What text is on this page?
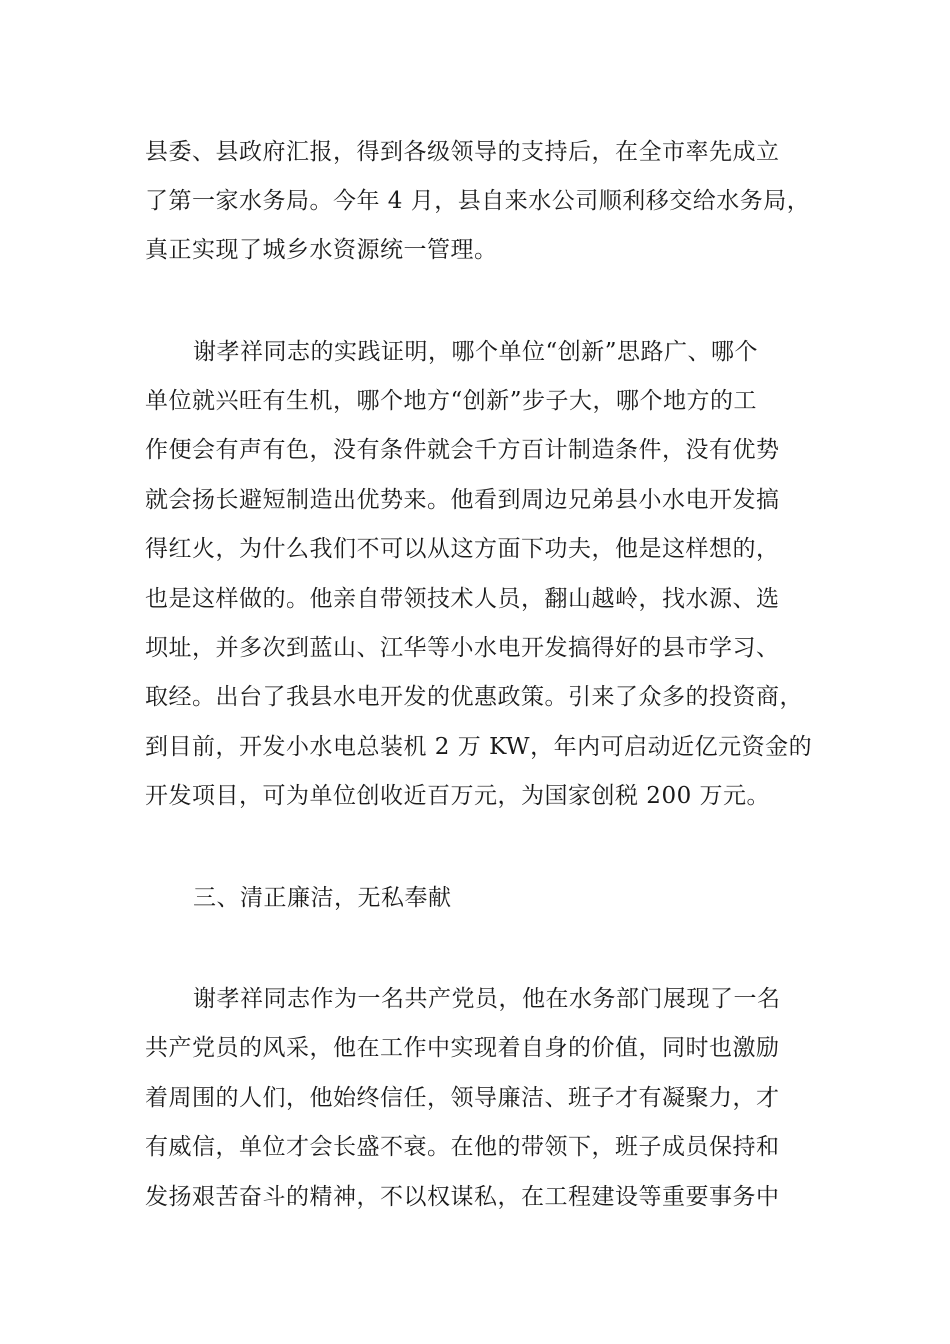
县委、县政府汇报，得到各级领导的支持后，在全市率先成立
了第一家水务局。今年 4 月，县自来水公司顺利移交给水务局，
真正实现了城乡水资源统一管理。
谢孝祥同志的实践证明，哪个单位“创新”思路广、哪个
单位就兴旺有生机，哪个地方“创新”步子大，哪个地方的工
作便会有声有色，没有条件就会千方百计制造条件，没有优势
就会扬长避短制造出优势来。他看到周边兄弟县小水电开发搞
得红火，为什么我们不可以从这方面下功夫，他是这样想的，
也是这样做的。他亲自带领技术人员，翻山越岭，找水源、选
坝址，并多次到蓝山、江华等小水电开发搞得好的县市学习、
取经。出台了我县水电开发的优惠政策。引来了众多的投资商，
到目前，开发小水电总装机 2 万 KW，年内可启动近亿元资金的
开发项目，可为单位创收近百万元，为国家创税 200 万元。
三、清正廉洁，无私奉献
谢孝祥同志作为一名共产党员，他在水务部门展现了一名
共产党员的风采，他在工作中实现着自身的价值，同时也激励
着周围的人们，他始终信任，领导廉洁、班子才有凝聚力，才
有威信，单位才会长盛不衰。在他的带领下，班子成员保持和
发扬艰苦奋斗的精神，不以权谋私，在工程建设等重要事务中
